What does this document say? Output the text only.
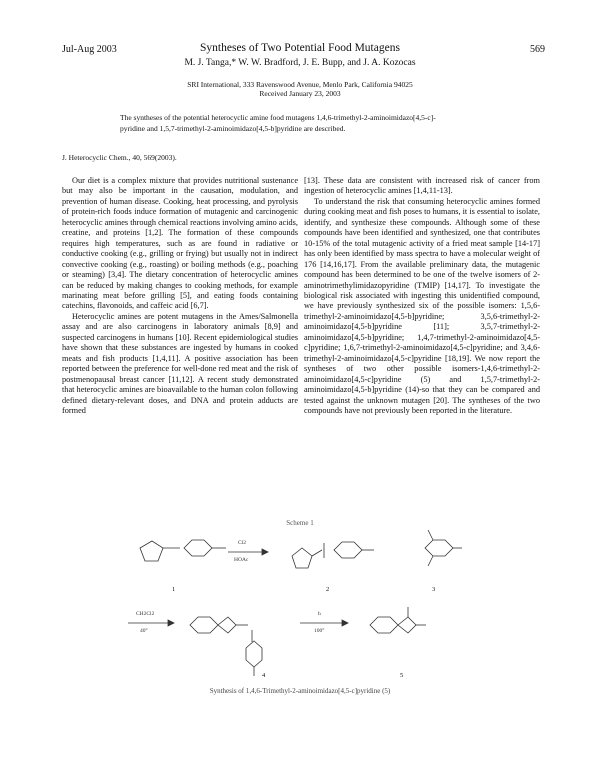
Jul-Aug 2003	Syntheses of Two Potential Food Mutagens	569
M. J. Tanga,* W. W. Bradford, J. E. Bupp, and J. A. Kozocas
SRI International, 333 Ravenswood Avenue, Menlo Park, California 94025
Received January 23, 2003
The syntheses of the potential heterocyclic amine food mutagens 1,4,6-trimethyl-2-aminoimidazo[4,5-c]-
pyridine and 1,5,7-trimethyl-2-aminoimidazo[4,5-b]pyridine are described.
J. Heterocyclic Chem., 40, 569(2003).

Our diet is a complex mixture that provides nutritional sustenance but may also be important in the causation, modulation, and prevention of human disease. Cooking, heat processing, and pyrolysis of protein-rich foods induce formation of mutagenic and carcinogenic heterocyclic amines through chemical reactions involving amino acids, creatine, and proteins [1,2]. The formation of these compounds requires high temperatures, such as are found in radiative or conductive cooking (e.g., grilling or frying) but usually not in indirect convective cooking (e.g., roasting) or boiling methods (e.g., poaching or steaming) [3,4]. The dietary concentration of heterocyclic amines can be reduced by making changes to cooking methods, for example marinating meat before grilling [5], and eating foods containing catechins, flavonoids, and caffeic acid [6,7].

Heterocyclic amines are potent mutagens in the Ames/Salmonella assay and are also carcinogens in laboratory animals [8,9] and suspected carcinogens in humans [10]. Recent epidemiological studies have shown that these substances are ingested by humans in cooked meats and fish products [1,4,11]. A positive association has been reported between the preference for well-done red meat and the risk of postmenopausal breast cancer [11,12]. A recent study demonstrated that heterocyclic amines are bioavailable to the human colon following defined dietary-relevant doses, and DNA and protein adducts are formed

[13]. These data are consistent with increased risk of cancer from ingestion of heterocyclic amines [1,4,11-13].

To understand the risk that consuming heterocyclic amines formed during cooking meat and fish poses to humans, it is essential to isolate, identify, and synthesize these compounds. Although some of these compounds have been identified and synthesized, one that contributes 10-15% of the total mutagenic activity of a fried meat sample [14-17] has only been identified by mass spectra to have a molecular weight of 176 [14,16,17]. From the available preliminary data, the mutagenic compound has been determined to be one of the twelve isomers of 2-aminotrimethylimidazopyridine (TMIP) [14,17]. To investigate the biological risk associated with ingesting this unidentified compound, we have previously synthesized six of the possible isomers: 1,5,6-trimethyl-2-aminoimidazo[4,5-b]pyridine; 3,5,6-trimethyl-2-aminoimidazo[4,5-b]pyridine [11]; 3,5,7-trimethyl-2-aminoimidazo[4,5-b]pyridine; 1,4,7-trimethyl-2-aminoimidazo[4,5-c]pyridine; 1,6,7-trimethyl-2-aminoimidazo[4,5-c]pyridine; and 3,4,6-trimethyl-2-aminoimidazo[4,5-c]pyridine [18,19]. We now report the syntheses of two other possible isomers-1,4,6-trimethyl-2-aminoimidazo[4,5-c]pyridine (5) and 1,5,7-trimethyl-2-aminoimidazo[4,5-b]pyridine (14)-so that they can be compared and tested against the unknown mutagen [20]. The syntheses of the two compounds have not previously been reported in the literature.

Scheme 1
Cl2
HOAc
CH2Cl2
40°
h
100°
1	2	3
4	5
Synthesis of 1,4,6-Trimethyl-2-aminoimidazo[4,5-c]pyridine (5)
